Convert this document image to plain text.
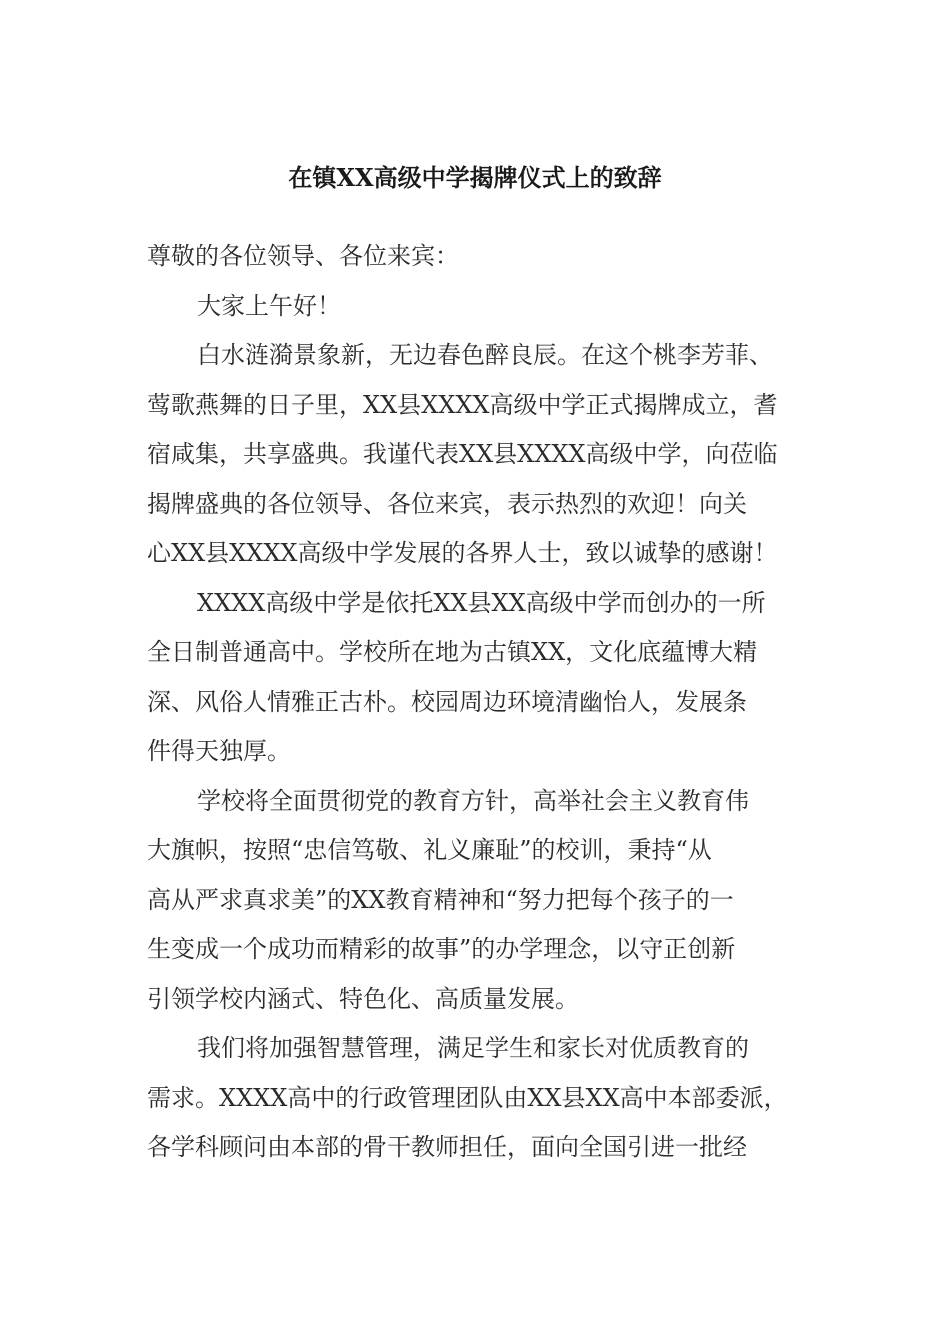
在镇XX高级中学揭牌仪式上的致辞
尊敬的各位领导、各位来宾：
大家上午好！
白水涟漪景象新，无边春色醉良辰。在这个桃李芳菲、
莺歌燕舞的日子里，XX县XXXX高级中学正式揭牌成立，耆
宿咸集，共享盛典。我谨代表XX县XXXX高级中学，向莅临
揭牌盛典的各位领导、各位来宾，表示热烈的欢迎！向关
心XX县XXXX高级中学发展的各界人士，致以诚挚的感谢！
XXXX高级中学是依托XX县XX高级中学而创办的一所
全日制普通高中。学校所在地为古镇XX，文化底蕴博大精
深、风俗人情雅正古朴。校园周边环境清幽怡人，发展条
件得天独厚。
学校将全面贯彻党的教育方针，高举社会主义教育伟
大旗帜，按照“忠信笃敬、礼义廉耻”的校训，秉持“从
高从严求真求美”的XX教育精神和“努力把每个孩子的一
生变成一个成功而精彩的故事”的办学理念，以守正创新
引领学校内涵式、特色化、高质量发展。
我们将加强智慧管理，满足学生和家长对优质教育的
需求。XXXX高中的行政管理团队由XX县XX高中本部委派，
各学科顾问由本部的骨干教师担任，面向全国引进一批经
